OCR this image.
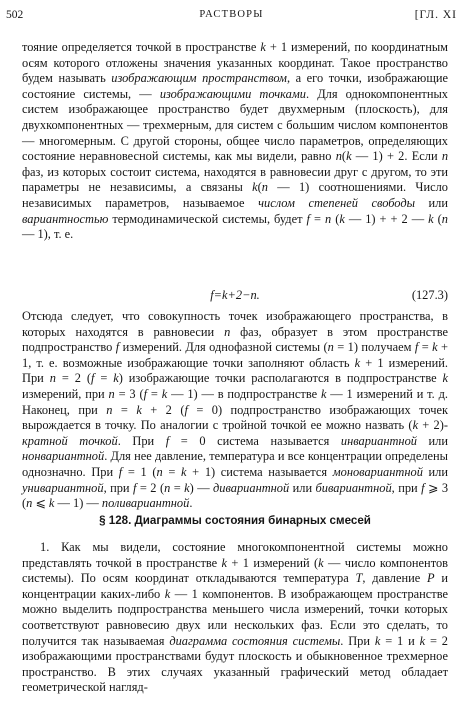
502	РАСТВОРЫ	[ГЛ. XI

тояние определяется точкой в пространстве k + 1 измерений, по координатным осям которого отложены значения указанных координат. Такое пространство будем называть изображающим пространством, а его точки, изображающие состояние системы, — изображающими точками. Для однокомпонентных систем изображающее пространство будет двухмерным (плоскость), для двухкомпонентных — трехмерным, для систем с большим числом компонентов — многомерным. С другой стороны, общее число параметров, определяющих состояние неравновесной системы, как мы видели, равно n(k — 1) + 2. Если n фаз, из которых состоит система, находятся в равновесии друг с другом, то эти параметры не независимы, а связаны k(n — 1) соотношениями. Число независимых параметров, называемое числом степеней свободы или вариантностью термодинамической системы, будет f = n (k — 1) + + 2 — k (n — 1), т. е.

f=k+2−n.	(127.3)

Отсюда следует, что совокупность точек изображающего пространства, в которых находятся в равновесии n фаз, образует в этом пространстве подпространство f измерений. Для однофазной системы (n = 1) получаем f = k + 1, т. е. возможные изображающие точки заполняют область k + 1 измерений. При n = 2 (f = k) изображающие точки располагаются в подпространстве k измерений, при n = 3 (f = k — 1) — в подпространстве k — 1 измерений и т. д. Наконец, при n = k + 2 (f = 0) подпространство изображающих точек вырождается в точку. По аналогии с тройной точкой ее можно назвать (k + 2)-кратной точкой. При f = 0 система называется инвариантной или нонвариантной. Для нее давление, температура и все концентрации определены однозначно. При f = 1 (n = k + 1) система называется моновариантной или унивариантной, при f = 2 (n = k) — дивариантной или бивариантной, при f ⩾ 3 (n ⩽ k — 1) — поливариантной.

§ 128. Диаграммы состояния бинарных смесей

1. Как мы видели, состояние многокомпонентной системы можно представлять точкой в пространстве k + 1 измерений (k — число компонентов системы). По осям координат откладываются температура T, давление P и концентрации каких-либо k — 1 компонентов. В изображающем пространстве можно выделить подпространства меньшего числа измерений, точки которых соответствуют равновесию двух или нескольких фаз. Если это сделать, то получится так называемая диаграмма состояния системы. При k = 1 и k = 2 изображающими пространствами будут плоскость и обыкновенное трехмерное пространство. В этих случаях указанный графический метод обладает геометрической нагляд-
